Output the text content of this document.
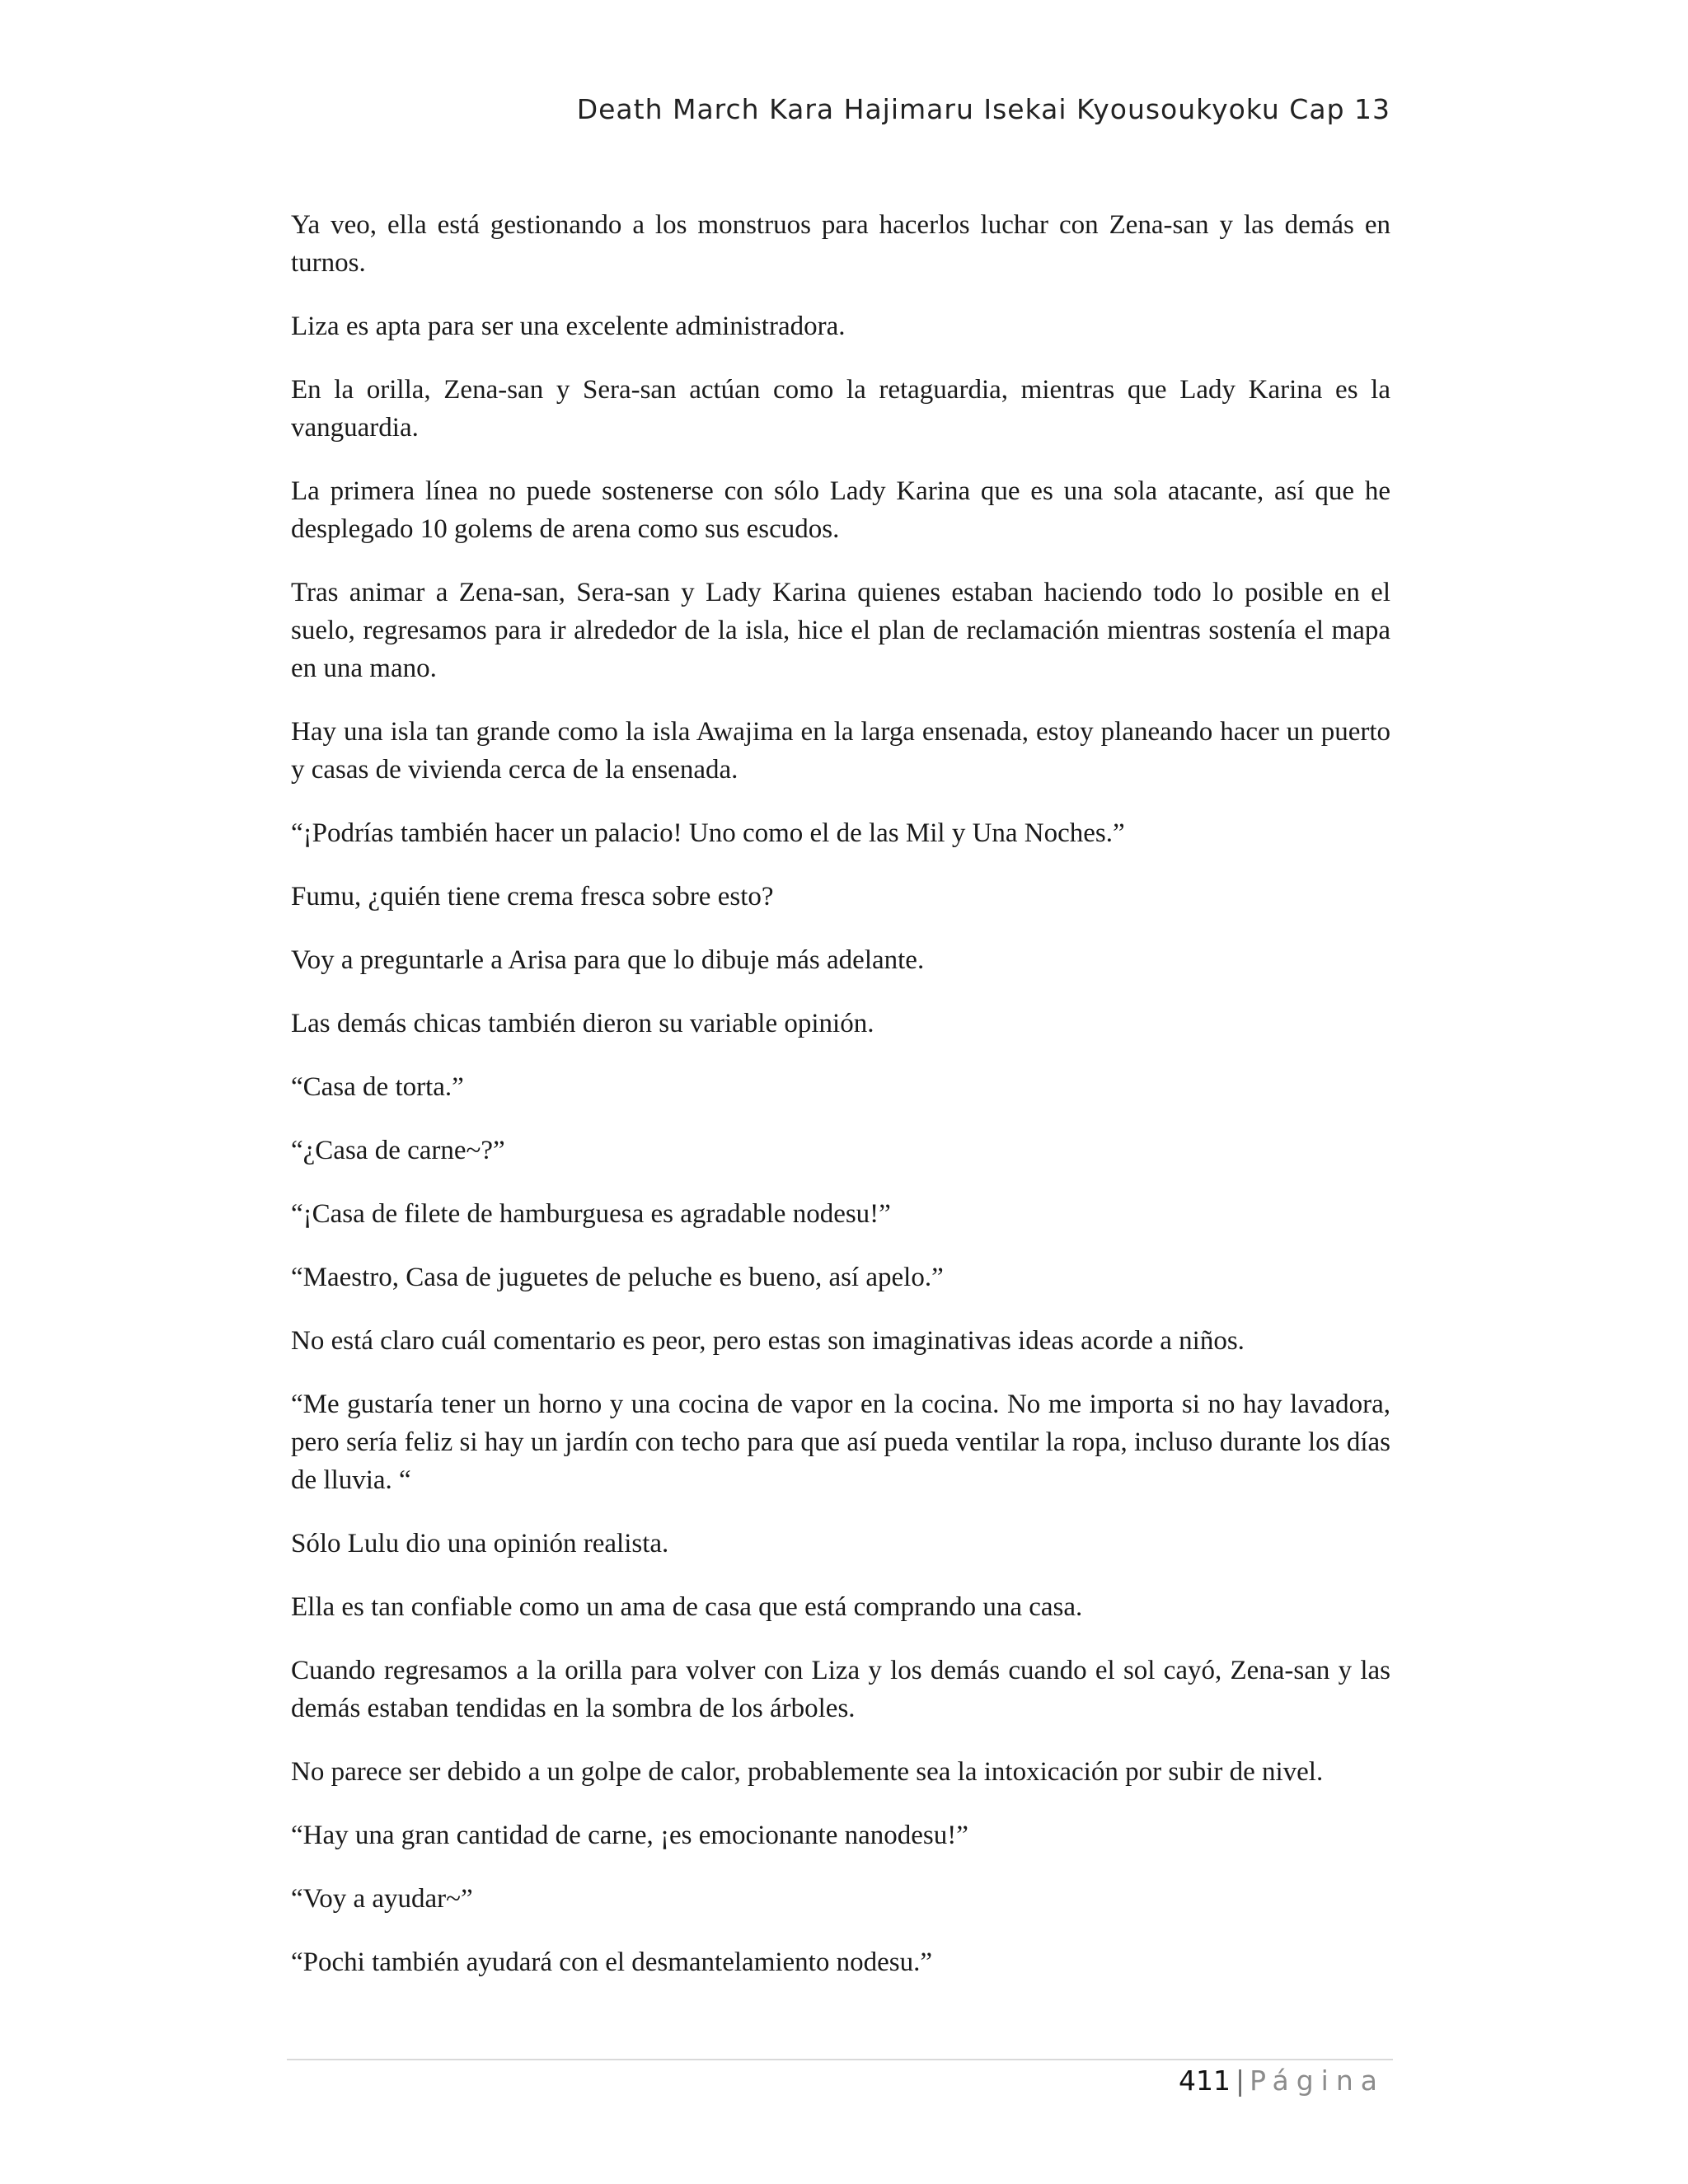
Death March Kara Hajimaru Isekai Kyousoukyoku Cap 13

Ya veo, ella está gestionando a los monstruos para hacerlos luchar con Zena-san y las demás en turnos.

Liza es apta para ser una excelente administradora.

En la orilla, Zena-san y Sera-san actúan como la retaguardia, mientras que Lady Karina es la vanguardia.

La primera línea no puede sostenerse con sólo Lady Karina que es una sola atacante, así que he desplegado 10 golems de arena como sus escudos.

Tras animar a Zena-san, Sera-san y Lady Karina quienes estaban haciendo todo lo posible en el suelo, regresamos para ir alrededor de la isla, hice el plan de reclamación mientras sostenía el mapa en una mano.

Hay una isla tan grande como la isla Awajima en la larga ensenada, estoy planeando hacer un puerto y casas de vivienda cerca de la ensenada.

“¡Podrías también hacer un palacio! Uno como el de las Mil y Una Noches.”

Fumu, ¿quién tiene crema fresca sobre esto?

Voy a preguntarle a Arisa para que lo dibuje más adelante.

Las demás chicas también dieron su variable opinión.

“Casa de torta.”

“¿Casa de carne~?”

“¡Casa de filete de hamburguesa es agradable nodesu!”

“Maestro, Casa de juguetes de peluche es bueno, así apelo.”

No está claro cuál comentario es peor, pero estas son imaginativas ideas acorde a niños.

“Me gustaría tener un horno y una cocina de vapor en la cocina. No me importa si no hay lavadora, pero sería feliz si hay un jardín con techo para que así pueda ventilar la ropa, incluso durante los días de lluvia. “

Sólo Lulu dio una opinión realista.

Ella es tan confiable como un ama de casa que está comprando una casa.

Cuando regresamos a la orilla para volver con Liza y los demás cuando el sol cayó, Zena-san y las demás estaban tendidas en la sombra de los árboles.

No parece ser debido a un golpe de calor, probablemente sea la intoxicación por subir de nivel.

“Hay una gran cantidad de carne, ¡es emocionante nanodesu!”

“Voy a ayudar~”

“Pochi también ayudará con el desmantelamiento nodesu.”

411 | Página
